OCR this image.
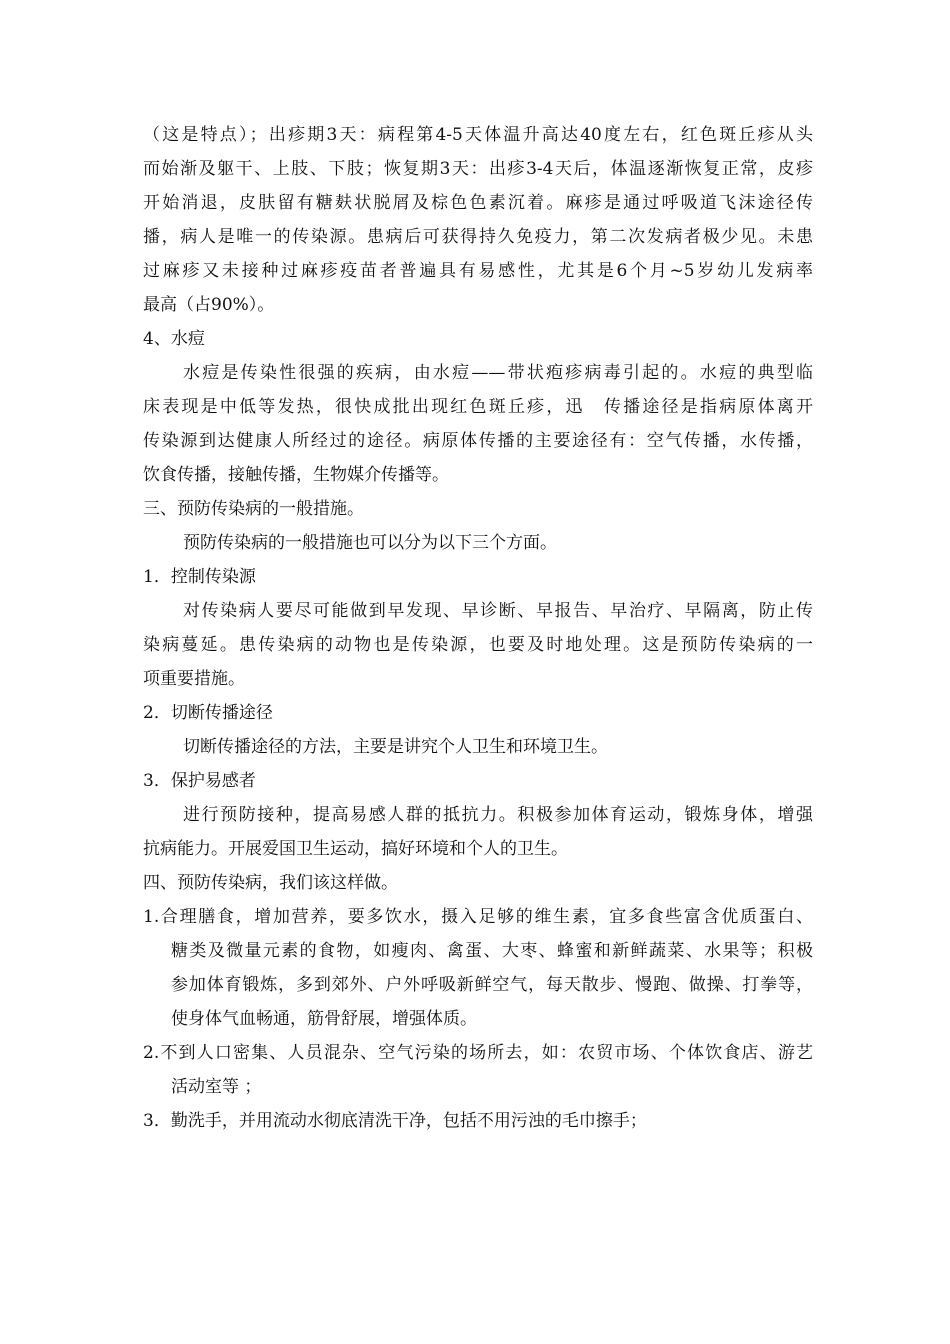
（这是特点）；出疹期3天：病程第4-5天体温升高达40度左右，红色斑丘疹从头
而始渐及躯干、上肢、下肢；恢复期3天：出疹3-4天后，体温逐渐恢复正常，皮疹
开始消退，皮肤留有糖麸状脱屑及棕色色素沉着。麻疹是通过呼吸道飞沫途径传
播，病人是唯一的传染源。患病后可获得持久免疫力，第二次发病者极少见。未患
过麻疹又未接种过麻疹疫苗者普遍具有易感性，尤其是6个月~5岁幼儿发病率
最高（占90%）。
4、水痘
水痘是传染性很强的疾病，由水痘——带状疱疹病毒引起的。水痘的典型临
床表现是中低等发热，很快成批出现红色斑丘疹，迅　传播途径是指病原体离开
传染源到达健康人所经过的途径。病原体传播的主要途径有：空气传播，水传播，
饮食传播，接触传播，生物媒介传播等。
三、预防传染病的一般措施。
预防传染病的一般措施也可以分为以下三个方面。
1．控制传染源
对传染病人要尽可能做到早发现、早诊断、早报告、早治疗、早隔离，防止传
染病蔓延。患传染病的动物也是传染源，也要及时地处理。这是预防传染病的一
项重要措施。
2．切断传播途径
切断传播途径的方法，主要是讲究个人卫生和环境卫生。
3．保护易感者
进行预防接种，提高易感人群的抵抗力。积极参加体育运动，锻炼身体，增强
抗病能力。开展爱国卫生运动，搞好环境和个人的卫生。
四、预防传染病，我们该这样做。
1.合理膳食，增加营养，要多饮水，摄入足够的维生素，宜多食些富含优质蛋白、
糖类及微量元素的食物，如瘦肉、禽蛋、大枣、蜂蜜和新鲜蔬菜、水果等；积极
参加体育锻炼，多到郊外、户外呼吸新鲜空气，每天散步、慢跑、做操、打拳等，
使身体气血畅通，筋骨舒展，增强体质。
2.不到人口密集、人员混杂、空气污染的场所去，如：农贸市场、个体饮食店、游艺
活动室等 ；
3．勤洗手，并用流动水彻底清洗干净，包括不用污浊的毛巾擦手；
